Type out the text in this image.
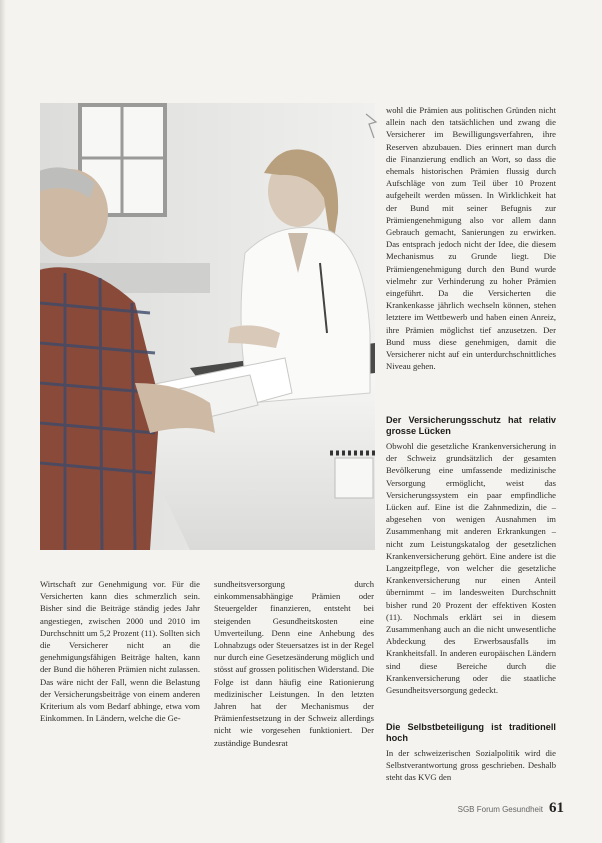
wohl die Prämien aus politischen Gründen nicht allein nach den tatsächlichen und zwang die Versicherer im Bewilligungsverfahren, ihre Reserven abzubauen. Dies erinnert man durch die Finanzierung endlich an Wort, so dass die ehemals historischen Prämien flussig durch Aufschläge von zum Teil über 10 Prozent aufgeheilt werden müssen. In Wirklichkeit hat der Bund mit seiner Befugnis zur Prämiengenehmigung also vor allem dann Gebrauch gemacht, Sanierungen zu erwirken. Das entsprach jedoch nicht der Idee, die diesem Mechanismus zu Grunde liegt. Die Prämiengenehmigung durch den Bund wurde vielmehr zur Verhinderung zu hoher Prämien eingeführt. Da die Versicherten die Krankenkasse jährlich wechseln können, stehen letztere im Wettbewerb und haben einen Anreiz, ihre Prämien möglichst tief anzusetzen. Der Bund muss diese genehmigen, damit die Versicherer nicht auf ein unterdurchschnittliches Niveau gehen.

Wirtschaft zur Genehmigung vor. Für die Versicherten kann dies schmerzlich sein. Bisher sind die Beiträge ständig jedes Jahr angestiegen, zwischen 2000 und 2010 im Durchschnitt um 5,2 Prozent (11). Sollten sich die Versicherer nicht an die genehmigungsfähigen Beiträge halten, kann der Bund die höheren Prämien nicht zulassen. Das wäre nicht der Fall, wenn die Belastung der Versicherungsbeiträge von einem anderen Kriterium als vom Bedarf abhinge, etwa vom Einkommen. In Ländern, welche die Ge-

sundheitsversorgung durch einkommensabhängige Prämien oder Steuergelder finanzieren, entsteht bei steigenden Gesundheitskosten eine Umverteilung. Denn eine Anhebung des Lohnabzugs oder Steuersatzes ist in der Regel nur durch eine Gesetzesänderung möglich und stösst auf grossen politischen Widerstand. Die Folge ist dann häufig eine Rationierung medizinischer Leistungen. In den letzten Jahren hat der Mechanismus der Prämienfestsetzung in der Schweiz allerdings nicht wie vorgesehen funktioniert. Der zuständige Bundesrat

Der Versicherungsschutz hat relativ grosse Lücken

Obwohl die gesetzliche Krankenversicherung in der Schweiz grundsätzlich der gesamten Bevölkerung eine umfassende medizinische Versorgung ermöglicht, weist das Versicherungssystem ein paar empfindliche Lücken auf. Eine ist die Zahnmedizin, die – abgesehen von wenigen Ausnahmen im Zusammenhang mit anderen Erkrankungen – nicht zum Leistungskatalog der gesetzlichen Krankenversicherung gehört. Eine andere ist die Langzeitpflege, von welcher die gesetzliche Krankenversicherung nur einen Anteil übernimmt – im landesweiten Durchschnitt bisher rund 20 Prozent der effektiven Kosten (11). Nochmals erklärt sei in diesem Zusammenhang auch an die nicht unwesentliche Abdeckung des Erwerbsausfalls im Krankheitsfall. In anderen europäischen Ländern sind diese Bereiche durch die Krankenversicherung oder die staatliche Gesundheitsversorgung gedeckt.

Die Selbstbeteiligung ist traditionell hoch

In der schweizerischen Sozialpolitik wird die Selbstverantwortung gross geschrieben. Deshalb steht das KVG den

SGB Forum Gesundheit 61
